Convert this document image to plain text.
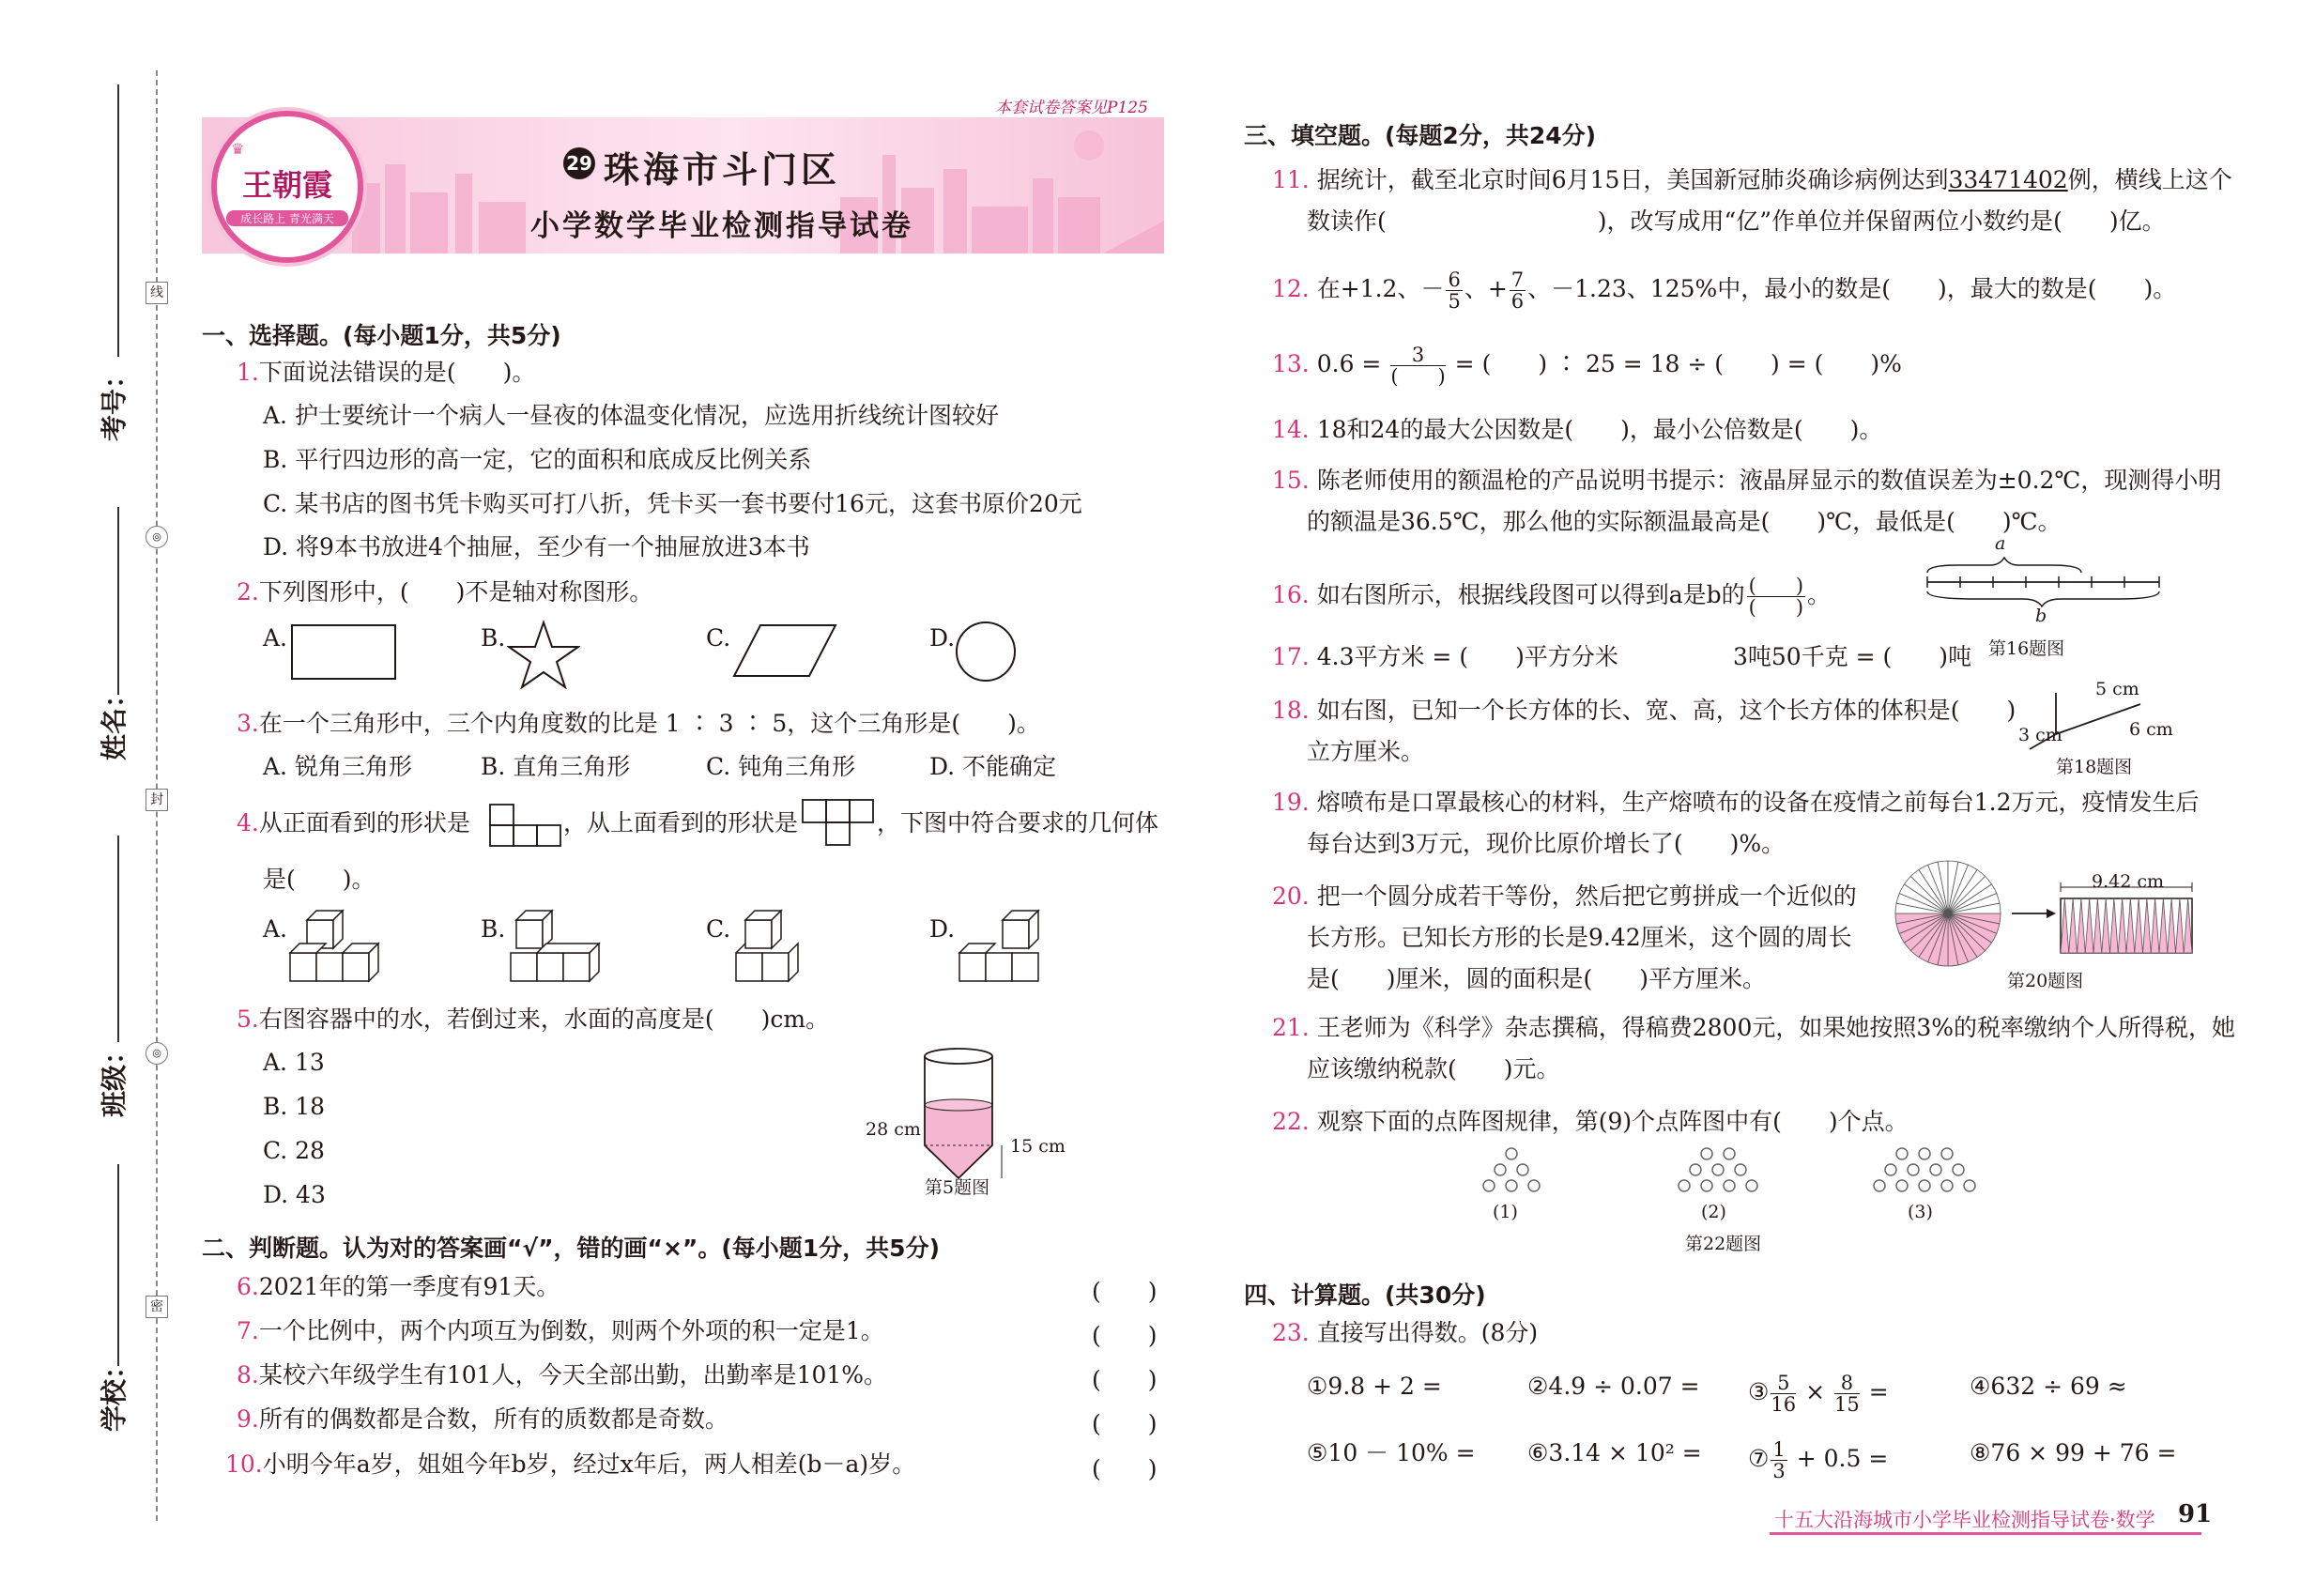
线
◎
封
◎
密
考号：
姓名：
班级：
学校：
本套试卷答案见P125
♛
王朝霞
成长路上 青光满天
29 珠海市斗门区
小学数学毕业检测指导试卷
一、选择题。(每小题1分，共5分)
1.下面说法错误的是(　　)。
A. 护士要统计一个病人一昼夜的体温变化情况，应选用折线统计图较好
B. 平行四边形的高一定，它的面积和底成反比例关系
C. 某书店的图书凭卡购买可打八折，凭卡买一套书要付16元，这套书原价20元
D. 将9本书放进4个抽屉，至少有一个抽屉放进3本书
2.下列图形中，(　　)不是轴对称图形。
A.	B.	C.	D.
3.在一个三角形中，三个内角度数的比是 1 ∶ 3 ∶ 5，这个三角形是(　　)。
A. 锐角三角形	B. 直角三角形	C. 钝角三角形	D. 不能确定
4.从正面看到的形状是	，从上面看到的形状是	，下图中符合要求的几何体
是(　　)。
A.	B.	C.	D.
5.右图容器中的水，若倒过来，水面的高度是(　　)cm。
A. 13
B. 18
C. 28
D. 43
28 cm
15 cm
第5题图
二、判断题。认为对的答案画“√”，错的画“×”。(每小题1分，共5分)
6.2021年的第一季度有91天。	(　　)
7.一个比例中，两个内项互为倒数，则两个外项的积一定是1。	(　　)
8.某校六年级学生有101人，今天全部出勤，出勤率是101%。	(　　)
9.所有的偶数都是合数，所有的质数都是奇数。	(　　)
10.小明今年a岁，姐姐今年b岁，经过x年后，两人相差(b－a)岁。	(　　)
三、填空题。(每题2分，共24分)
11. 据统计，截至北京时间6月15日，美国新冠肺炎确诊病例达到33471402例，横线上这个
数读作(　　　　　　　　　)，改写成用“亿”作单位并保留两位小数约是(　　)亿。
12. 在+1.2、－ $\frac{6}{5}$ 、+ $\frac{7}{6}$ 、－1.23、125%中，最小的数是(　　)，最大的数是(　　)。
13. $0.6 = \frac{3}{( )}$ = (　　) ∶ 25 = 18 ÷ (　　) = (　　)%
14. 18和24的最大公因数是(　　)，最小公倍数是(　　)。
15. 陈老师使用的额温枪的产品说明书提示：液晶屏显示的数值误差为±0.2℃，现测得小明
的额温是36.5℃，那么他的实际额温最高是(　　)℃，最低是(　　)℃。
16. 如右图所示，根据线段图可以得到a是b的 $\frac{( )}{( )}$ 。
a
b
第16题图
17. 4.3平方米 = (　　)平方分米	3吨50千克 = (　　)吨
18. 如右图，已知一个长方体的长、宽、高，这个长方体的体积是(　　)
立方厘米。
5 cm
3 cm	6 cm
第18题图
19. 熔喷布是口罩最核心的材料，生产熔喷布的设备在疫情之前每台1.2万元，疫情发生后
每台达到3万元，现价比原价增长了(　　)%。
20. 把一个圆分成若干等份，然后把它剪拼成一个近似的
长方形。已知长方形的长是9.42厘米，这个圆的周长
是(　　)厘米，圆的面积是(　　)平方厘米。
9.42 cm
第20题图
21. 王老师为《科学》杂志撰稿，得稿费2800元，如果她按照3%的税率缴纳个人所得税，她
应该缴纳税款(　　)元。
22. 观察下面的点阵图规律，第(9)个点阵图中有(　　)个点。
(1)	(2)	(3)
第22题图
四、计算题。(共30分)
23. 直接写出得数。(8分)
①9.8 + 2 =	②4.9 ÷ 0.07 = ③ $\frac{5}{16} \times \frac{8}{15}$ =	④632 ÷ 69 ≈
⑤10 － 10% = ⑥3.14 × 10² = ⑦ $\frac{1}{3} + 0.5$ =	⑧76 × 99 + 76 =
十五大沿海城市小学毕业检测指导试卷·数学 91
